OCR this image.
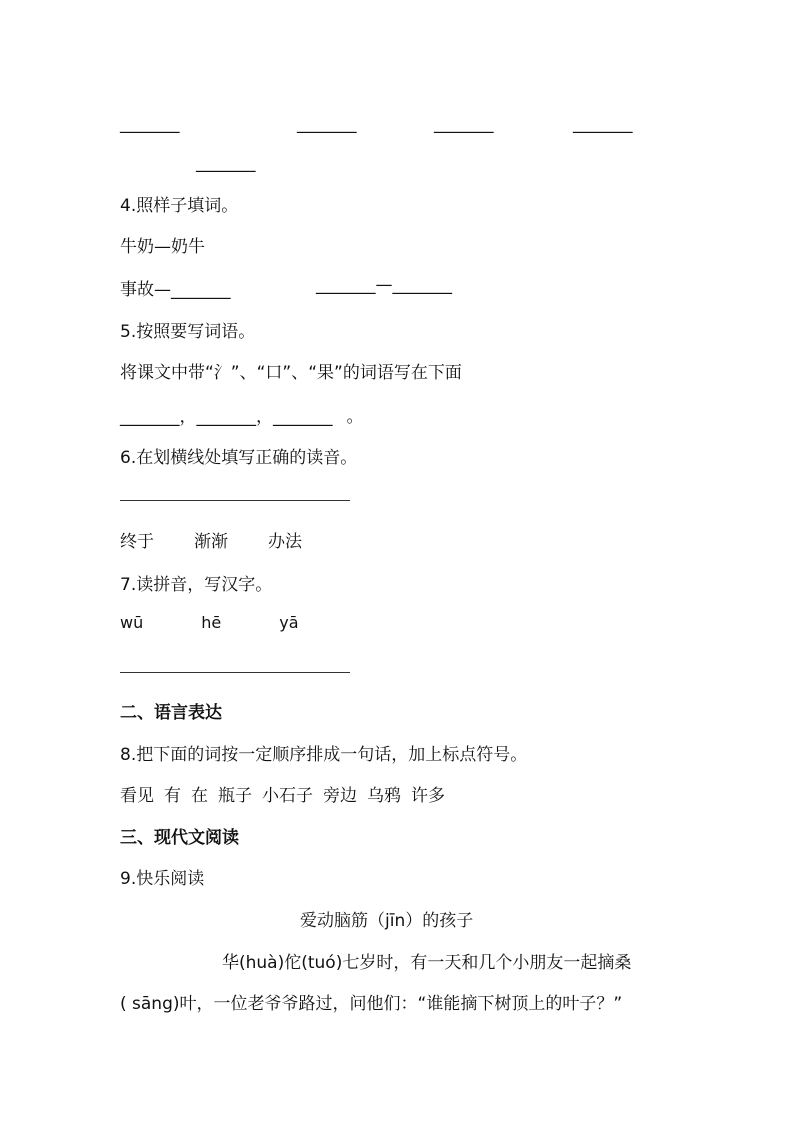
_______	_______	_______	_______
_______
4.照样子填词。
牛奶—奶牛
事故—_______	_______—_______
5.按照要写词语。
将课文中带“氵”、“口”、“果”的词语写在下面
_______，_______，_______ 。
6.在划横线处填写正确的读音。
终于 渐渐 办法
7.读拼音，写汉字。
wū	hē	yā
二、语言表达
8.把下面的词按一定顺序排成一句话，加上标点符号。
看见 有 在 瓶子 小石子 旁边 乌鸦 许多
三、现代文阅读
9.快乐阅读
爱动脑筋（jīn）的孩子
华(huà)佗(tuó)七岁时，有一天和几个小朋友一起摘桑
( sāng)叶，一位老爷爷路过，问他们：“谁能摘下树顶上的叶子？”
